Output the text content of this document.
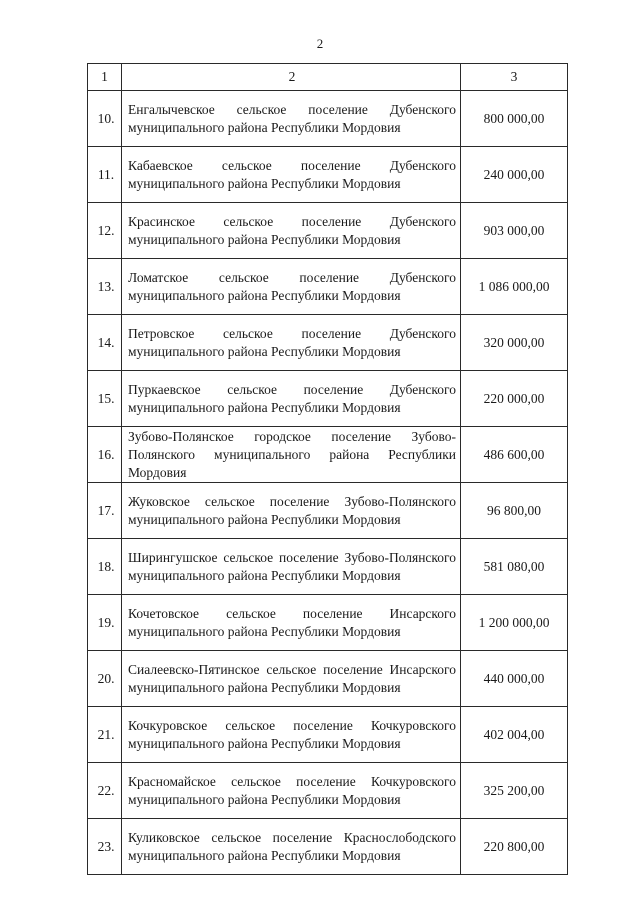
2
1	2	3
10.	Енгалычевское сельское поселение Дубенского муниципального района Республики Мордовия	800 000,00
11.	Кабаевское сельское поселение Дубенского муниципального района Республики Мордовия	240 000,00
12.	Красинское сельское поселение Дубенского муниципального района Республики Мордовия	903 000,00
13.	Ломатское сельское поселение Дубенского муниципального района Республики Мордовия	1 086 000,00
14.	Петровское сельское поселение Дубенского муниципального района Республики Мордовия	320 000,00
15.	Пуркаевское сельское поселение Дубенского муниципального района Республики Мордовия	220 000,00
16.	Зубово-Полянское городское поселение Зубово-Полянского муниципального района Республики Мордовия	486 600,00
17.	Жуковское сельское поселение Зубово-Полянского муниципального района Республики Мордовия	96 800,00
18.	Ширингушское сельское поселение Зубово-Полянского муниципального района Республики Мордовия	581 080,00
19.	Кочетовское сельское поселение Инсарского муниципального района Республики Мордовия	1 200 000,00
20.	Сиалеевско-Пятинское сельское поселение Инсарского муниципального района Республики Мордовия	440 000,00
21.	Кочкуровское сельское поселение Кочкуровского муниципального района Республики Мордовия	402 004,00
22.	Красномайское сельское поселение Кочкуровского муниципального района Республики Мордовия	325 200,00
23.	Куликовское сельское поселение Краснослободского муниципального района Республики Мордовия	220 800,00
